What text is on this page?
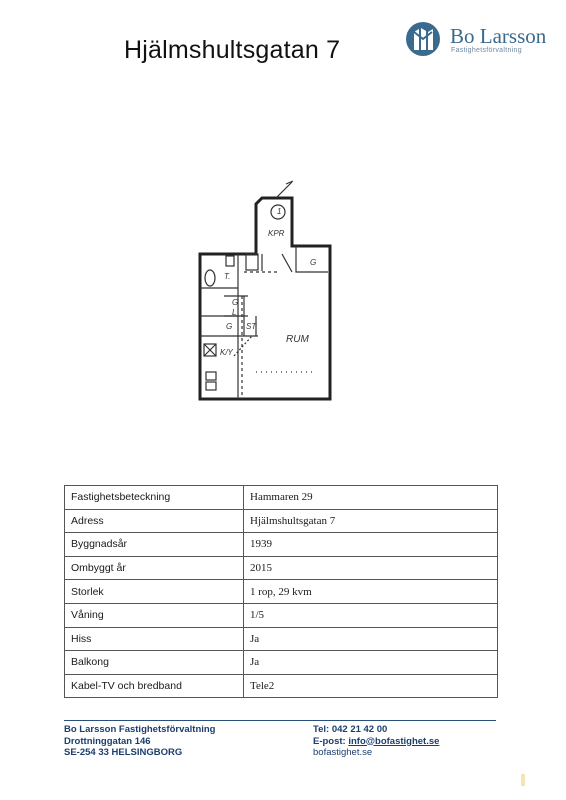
Hjälmshultsgatan 7	Bo Larsson
Fastighetsförvaltning
1
KPR
T.
G
G
L
ST
G
K/Y
RUM
Fastighetsbeteckning	Hammaren 29
Adress	Hjälmshultsgatan 7
Byggnadsår	1939
Ombyggt år	2015
Storlek	1 rop, 29 kvm
Våning	1/5
Hiss	Ja
Balkong	Ja
Kabel-TV och bredband	Tele2
Bo Larsson Fastighetsförvaltning
Drottninggatan 146
SE-254 33 HELSINGBORG
Tel: 042 21 42 00
E-post: info@bofastighet.se
bofastighet.se
